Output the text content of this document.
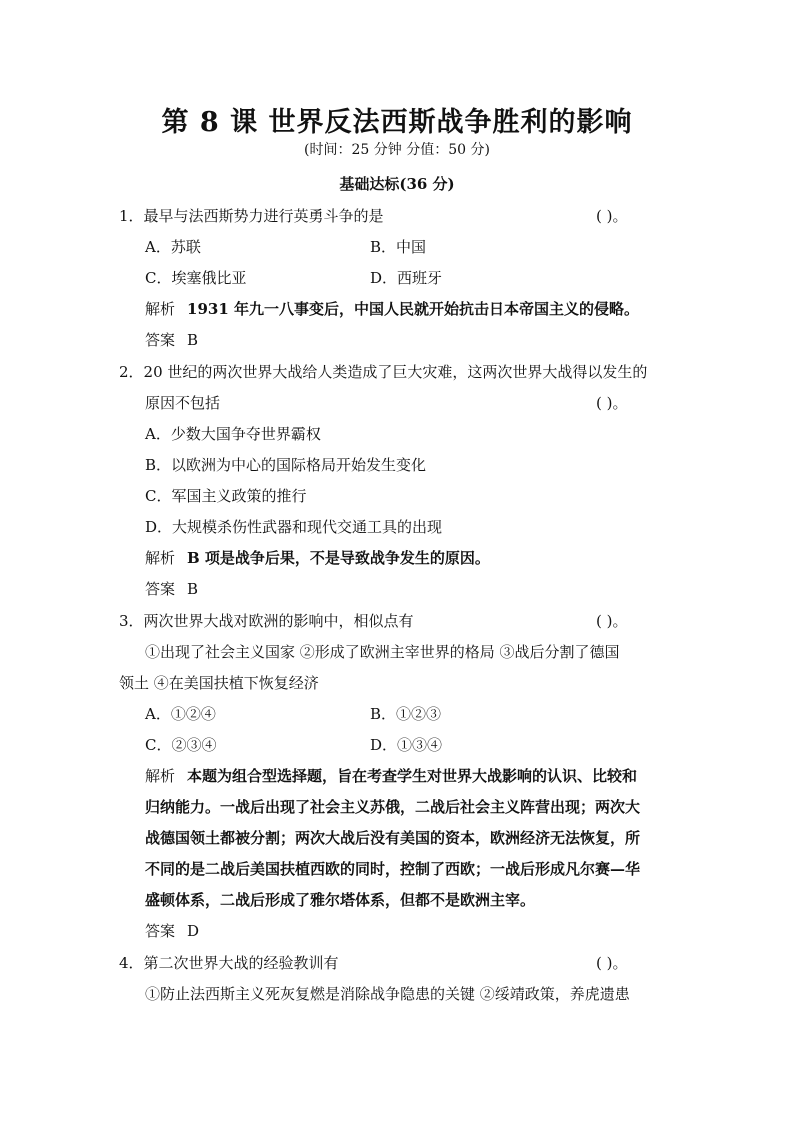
第 8 课 世界反法西斯战争胜利的影响
(时间：25 分钟 分值：50 分)
基础达标(36 分)
1．最早与法西斯势力进行英勇斗争的是	( )。
A．苏联	B．中国
C．埃塞俄比亚	D．西班牙
解析 1931 年九一八事变后，中国人民就开始抗击日本帝国主义的侵略。
答案 B
2．20 世纪的两次世界大战给人类造成了巨大灾难，这两次世界大战得以发生的
原因不包括	( )。
A．少数大国争夺世界霸权
B．以欧洲为中心的国际格局开始发生变化
C．军国主义政策的推行
D．大规模杀伤性武器和现代交通工具的出现
解析 B 项是战争后果，不是导致战争发生的原因。
答案 B
3．两次世界大战对欧洲的影响中，相似点有	( )。
①出现了社会主义国家 ②形成了欧洲主宰世界的格局 ③战后分割了德国
领土 ④在美国扶植下恢复经济
A．①②④	B．①②③
C．②③④	D．①③④
解析 本题为组合型选择题，旨在考查学生对世界大战影响的认识、比较和
归纳能力。一战后出现了社会主义苏俄，二战后社会主义阵营出现；两次大
战德国领土都被分割；两次大战后没有美国的资本，欧洲经济无法恢复，所
不同的是二战后美国扶植西欧的同时，控制了西欧；一战后形成凡尔赛—华
盛顿体系，二战后形成了雅尔塔体系，但都不是欧洲主宰。
答案 D
4．第二次世界大战的经验教训有	( )。
①防止法西斯主义死灰复燃是消除战争隐患的关键 ②绥靖政策，养虎遗患
